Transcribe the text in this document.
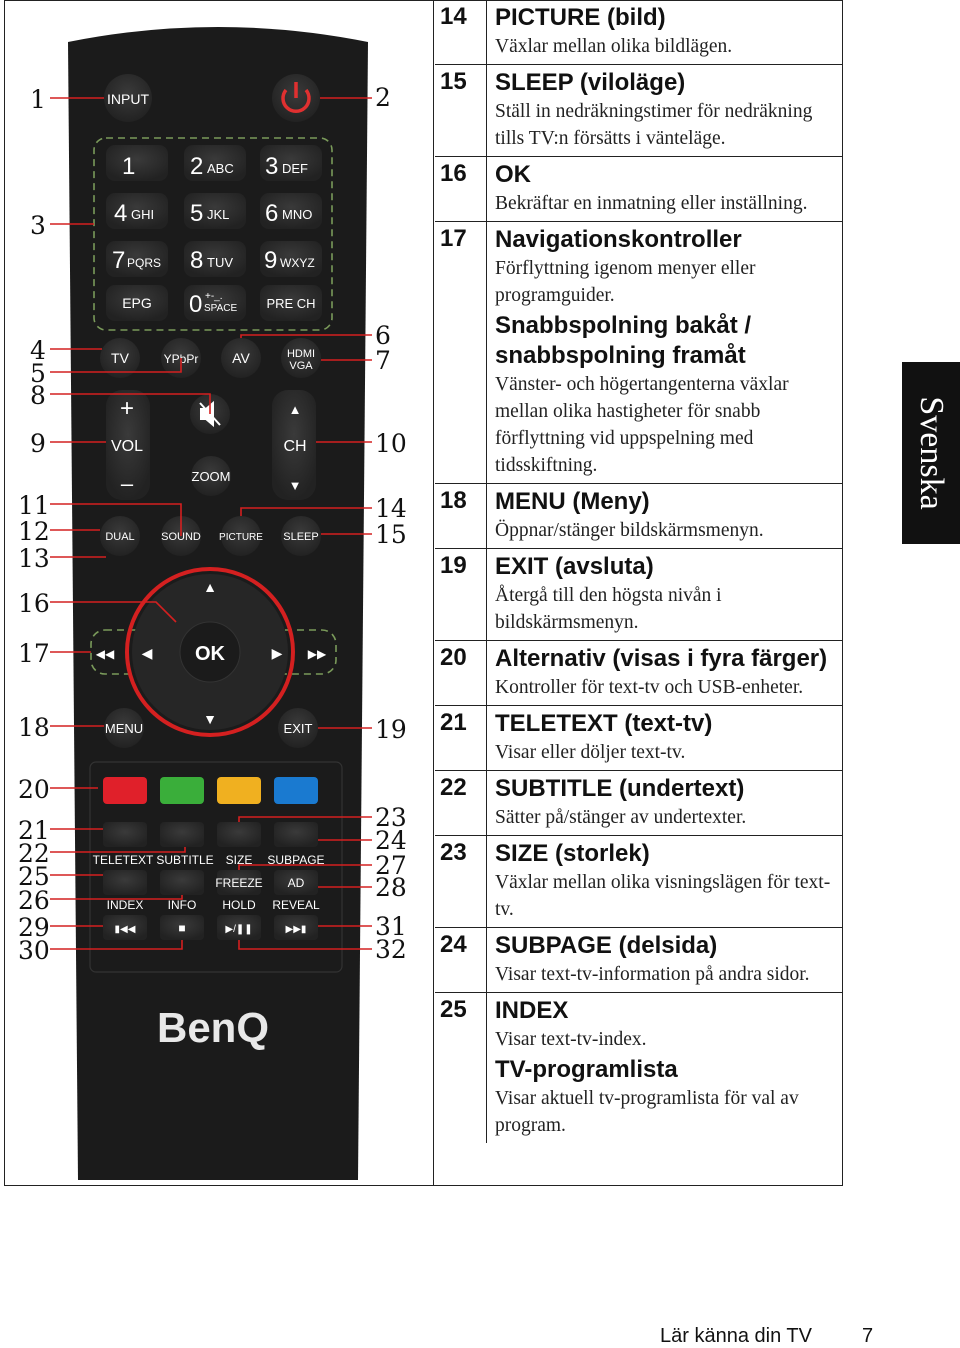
INPUT
1 2 ABC 3 DEF
4 GHI 5 JKL 6 MNO
7 PQRS 8 TUV 9 WXYZ
EPG 0 +-_.
SPACE PRE CH
TV	YPbPr AV	HDMI
VGA
+
VOL
–
▲
CH
▼
ZOOM
DUAL SOUND PICTURE SLEEP
OK
▲
▼
◀	▶
◀◀	▶▶
MENU	EXIT
TELETEXT SUBTITLE SIZE SUBPAGE
FREEZE AD
INDEX INFO HOLD REVEAL
▮◀◀	■	▶/❚❚	▶▶▮
BenQ
1
3
4
5
8
9
11
12
13
16
17
18
20
21
22
25
26
29
30
2
6
7
10
14
15
19
23
24
27
28
31
32
14 PICTURE (bild)
Växlar mellan olika bildlägen.
15 SLEEP (viloläge)
Ställ in nedräkningstimer för nedräkning tills TV:n försätts i vänteläge.
16 OK
Bekräftar en inmatning eller inställning.
17 Navigationskontroller
Förflyttning igenom menyer eller programguider.
Snabbspolning bakåt / snabbspolning framåt
Vänster- och högertangenterna växlar mellan olika hastigheter för snabb förflyttning vid uppspelning med tidsskiftning.
18 MENU (Meny)
Öppnar/stänger bildskärmsmenyn.
19 EXIT (avsluta)
Återgå till den högsta nivån i bildskärmsmenyn.
20 Alternativ (visas i fyra färger)
Kontroller för text-tv och USB-enheter.
21 TELETEXT (text-tv)
Visar eller döljer text-tv.
22 SUBTITLE (undertext)
Sätter på/stänger av undertexter.
23 SIZE (storlek)
Växlar mellan olika visningslägen för text-tv.
24 SUBPAGE (delsida)
Visar text-tv-information på andra sidor.
25 INDEX
Visar text-tv-index.
TV-programlista
Visar aktuell tv-programlista för val av program.
Svenska
Lär känna din TV	7
